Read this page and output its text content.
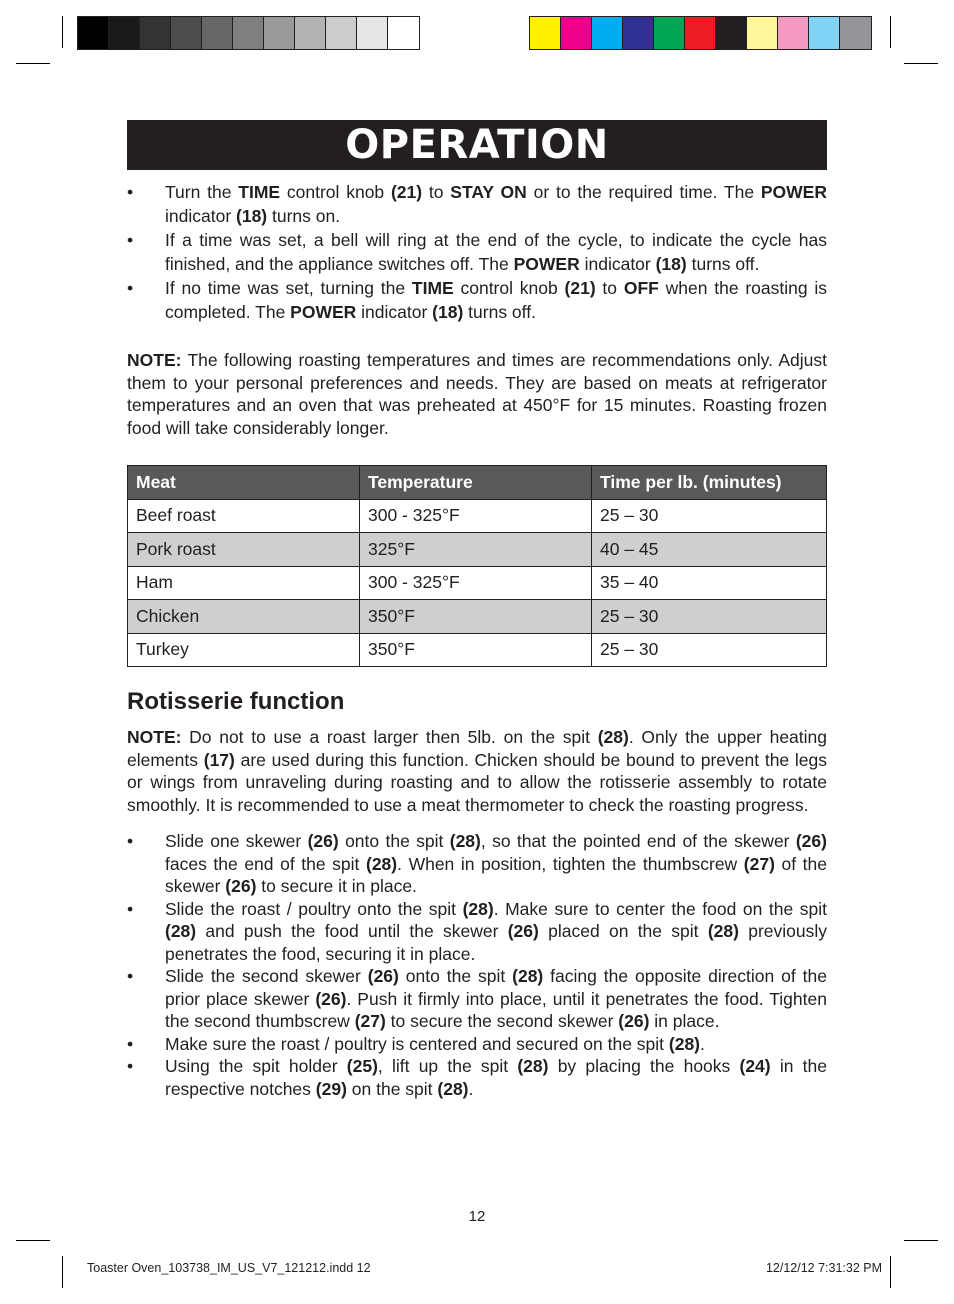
OPERATION
• Turn the TIME control knob (21) to STAY ON or to the required time. The POWER indicator (18) turns on.
• If a time was set, a bell will ring at the end of the cycle, to indicate the cycle has finished, and the appliance switches off. The POWER indicator (18) turns off.
• If no time was set, turning the TIME control knob (21) to OFF when the roasting is completed. The POWER indicator (18) turns off.

NOTE: The following roasting temperatures and times are recommendations only. Adjust them to your personal preferences and needs. They are based on meats at refrigerator temperatures and an oven that was preheated at 450°F for 15 minutes. Roasting frozen food will take considerably longer.

Meat	Temperature	Time per lb. (minutes)
Beef roast	300 - 325°F	25 – 30
Pork roast	325°F	40 – 45
Ham	300 - 325°F	35 – 40
Chicken	350°F	25 – 30
Turkey	350°F	25 – 30
Rotisserie function

NOTE: Do not to use a roast larger then 5lb. on the spit (28). Only the upper heating elements (17) are used during this function. Chicken should be bound to prevent the legs or wings from unraveling during roasting and to allow the rotisserie assembly to rotate smoothly. It is recommended to use a meat thermometer to check the roasting progress.

• Slide one skewer (26) onto the spit (28), so that the pointed end of the skewer (26) faces the end of the spit (28). When in position, tighten the thumbscrew (27) of the skewer (26) to secure it in place.
• Slide the roast / poultry onto the spit (28). Make sure to center the food on the spit (28) and push the food until the skewer (26) placed on the spit (28) previously penetrates the food, securing it in place.
• Slide the second skewer (26) onto the spit (28) facing the opposite direction of the prior place skewer (26). Push it firmly into place, until it penetrates the food. Tighten the second thumbscrew (27) to secure the second skewer (26) in place.
• Make sure the roast / poultry is centered and secured on the spit (28).
• Using the spit holder (25), lift up the spit (28) by placing the hooks (24) in the respective notches (29) on the spit (28).
12
Toaster Oven_103738_IM_US_V7_121212.indd 12	12/12/12 7:31:32 PM
